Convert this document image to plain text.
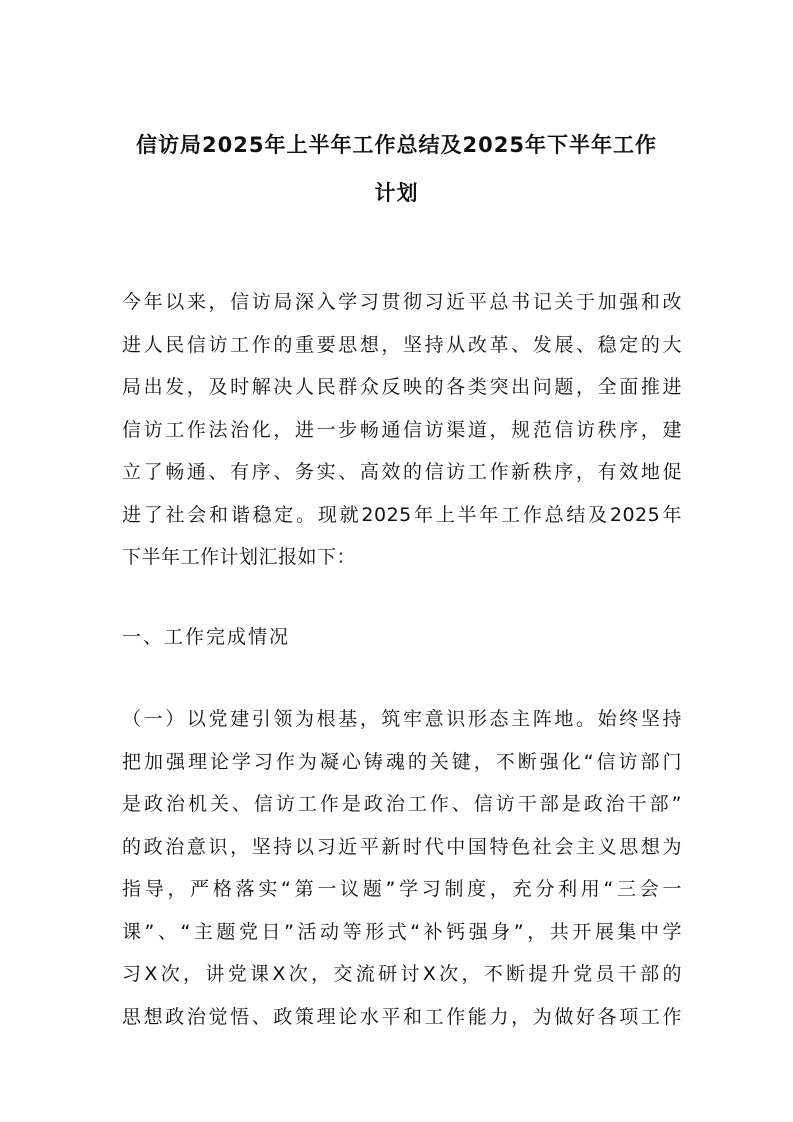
信访局2025年上半年工作总结及2025年下半年工作
计划
今年以来，信访局深入学习贯彻习近平总书记关于加强和改
进人民信访工作的重要思想，坚持从改革、发展、稳定的大
局出发，及时解决人民群众反映的各类突出问题，全面推进
信访工作法治化，进一步畅通信访渠道，规范信访秩序，建
立了畅通、有序、务实、高效的信访工作新秩序，有效地促
进了社会和谐稳定。现就2025年上半年工作总结及2025年
下半年工作计划汇报如下：
一、工作完成情况
（一）以党建引领为根基，筑牢意识形态主阵地。始终坚持
把加强理论学习作为凝心铸魂的关键，不断强化“信访部门
是政治机关、信访工作是政治工作、信访干部是政治干部”
的政治意识，坚持以习近平新时代中国特色社会主义思想为
指导，严格落实“第一议题”学习制度，充分利用“三会一
课”、“主题党日”活动等形式“补钙强身”，共开展集中学
习X次，讲党课X次，交流研讨X次，不断提升党员干部的
思想政治觉悟、政策理论水平和工作能力，为做好各项工作
